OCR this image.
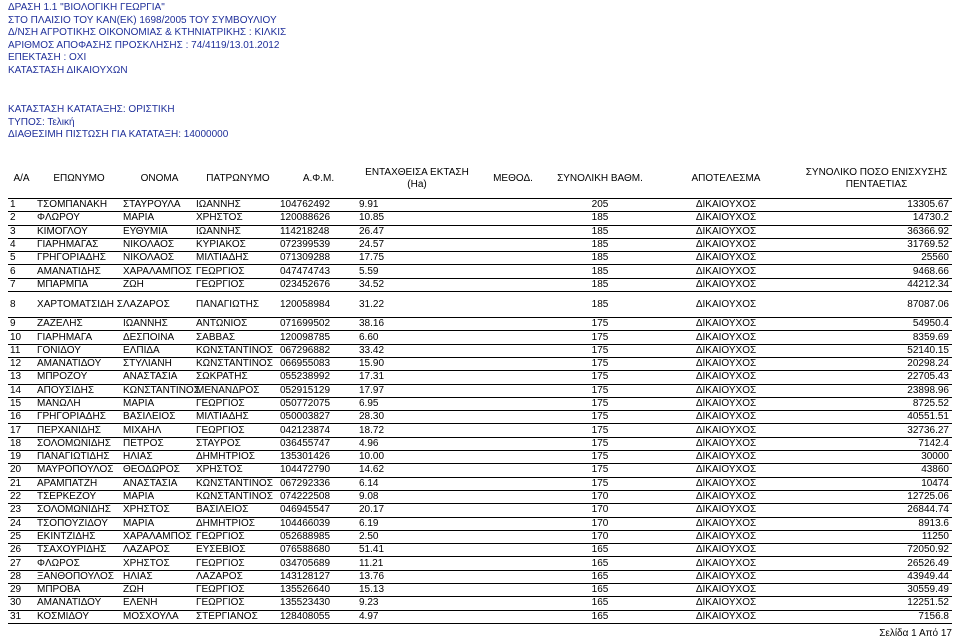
ΔΡΑΣΗ 1.1 "ΒΙΟΛΟΓΙΚΗ ΓΕΩΡΓΙΑ"
ΣΤΟ ΠΛΑΙΣΙΟ ΤΟΥ ΚΑΝ(ΕΚ) 1698/2005 ΤΟΥ ΣΥΜΒΟΥΛΙΟΥ
Δ/ΝΣΗ ΑΓΡΟΤΙΚΗΣ ΟΙΚΟΝΟΜΙΑΣ & ΚΤΗΝΙΑΤΡΙΚΗΣ : ΚΙΛΚΙΣ
ΑΡΙΘΜΟΣ ΑΠΟΦΑΣΗΣ ΠΡΟΣΚΛΗΣΗΣ : 74/4119/13.01.2012
ΕΠΕΚΤΑΣΗ : ΟΧΙ
ΚΑΤΑΣΤΑΣΗ ΔΙΚΑΙΟΥΧΩΝ
ΚΑΤΑΣΤΑΣΗ ΚΑΤΑΤΑΞΗΣ: ΟΡΙΣΤΙΚΗ
ΤΥΠΟΣ: Τελική
ΔΙΑΘΕΣΙΜΗ ΠΙΣΤΩΣΗ ΓΙΑ ΚΑΤΑΤΑΞΗ: 14000000
Α/Α	ΕΠΩΝΥΜΟ	ΟΝΟΜΑ	ΠΑΤΡΩΝΥΜΟ	Α.Φ.Μ.	ΕΝΤΑΧΘΕΙΣΑ ΕΚΤΑΣΗ (Ha)	ΜΕΘΟΔ.	ΣΥΝΟΛΙΚΗ ΒΑΘΜ.	ΑΠΟΤΕΛΕΣΜΑ	ΣΥΝΟΛΙΚΟ ΠΟΣΟ ΕΝΙΣΧΥΣΗΣ ΠΕΝΤΑΕΤΙΑΣ
1	ΤΣΟΜΠΑΝΑΚΗ	ΣΤΑΥΡΟΥΛΑ	ΙΩΑΝΝΗΣ	104762492	9.91		205	ΔΙΚΑΙΟΥΧΟΣ	13305.67
2	ΦΛΩΡΟΥ	ΜΑΡΙΑ	ΧΡΗΣΤΟΣ	120088626	10.85		185	ΔΙΚΑΙΟΥΧΟΣ	14730.2
3	ΚΙΜΟΓΛΟΥ	ΕΥΘΥΜΙΑ	ΙΩΑΝΝΗΣ	114218248	26.47		185	ΔΙΚΑΙΟΥΧΟΣ	36366.92
4	ΓΙΑΡΗΜΑΓΑΣ	ΝΙΚΟΛΑΟΣ	ΚΥΡΙΑΚΟΣ	072399539	24.57		185	ΔΙΚΑΙΟΥΧΟΣ	31769.52
5	ΓΡΗΓΟΡΙΑΔΗΣ	ΝΙΚΟΛΑΟΣ	ΜΙΛΤΙΑΔΗΣ	071309288	17.75		185	ΔΙΚΑΙΟΥΧΟΣ	25560
6	ΑΜΑΝΑΤΙΔΗΣ	ΧΑΡΑΛΑΜΠΟΣ	ΓΕΩΡΓΙΟΣ	047474743	5.59		185	ΔΙΚΑΙΟΥΧΟΣ	9468.66
7	ΜΠΑΡΜΠΑ	ΖΩΗ	ΓΕΩΡΓΙΟΣ	023452676	34.52		185	ΔΙΚΑΙΟΥΧΟΣ	44212.34
8	ΧΑΡΤΟΜΑΤΣΙΔΗ Σ	ΛΑΖΑΡΟΣ	ΠΑΝΑΓΙΩΤΗΣ	120058984	31.22		185	ΔΙΚΑΙΟΥΧΟΣ	87087.06
9	ΖΑΖΕΛΗΣ	ΙΩΑΝΝΗΣ	ΑΝΤΩΝΙΟΣ	071699502	38.16		175	ΔΙΚΑΙΟΥΧΟΣ	54950.4
10	ΓΙΑΡΗΜΑΓΑ	ΔΕΣΠΟΙΝΑ	ΣΑΒΒΑΣ	120098785	6.60		175	ΔΙΚΑΙΟΥΧΟΣ	8359.69
11	ΓΟΝΙΔΟΥ	ΕΛΠΙΔΑ	ΚΩΝΣΤΑΝΤΙΝΟΣ	067296882	33.42		175	ΔΙΚΑΙΟΥΧΟΣ	52140.15
12	ΑΜΑΝΑΤΙΔΟΥ	ΣΤΥΛΙΑΝΗ	ΚΩΝΣΤΑΝΤΙΝΟΣ	066955083	15.90		175	ΔΙΚΑΙΟΥΧΟΣ	20298.24
13	ΜΠΡΟΖΟΥ	ΑΝΑΣΤΑΣΙΑ	ΣΩΚΡΑΤΗΣ	055238992	17.31		175	ΔΙΚΑΙΟΥΧΟΣ	22705.43
14	ΑΠΟΥΣΙΔΗΣ	ΚΩΝΣΤΑΝΤΙΝΟΣ	ΜΕΝΑΝΔΡΟΣ	052915129	17.97		175	ΔΙΚΑΙΟΥΧΟΣ	23898.96
15	ΜΑΝΩΛΗ	ΜΑΡΙΑ	ΓΕΩΡΓΙΟΣ	050772075	6.95		175	ΔΙΚΑΙΟΥΧΟΣ	8725.52
16	ΓΡΗΓΟΡΙΑΔΗΣ	ΒΑΣΙΛΕΙΟΣ	ΜΙΛΤΙΑΔΗΣ	050003827	28.30		175	ΔΙΚΑΙΟΥΧΟΣ	40551.51
17	ΠΕΡΧΑΝΙΔΗΣ	ΜΙΧΑΗΛ	ΓΕΩΡΓΙΟΣ	042123874	18.72		175	ΔΙΚΑΙΟΥΧΟΣ	32736.27
18	ΣΟΛΟΜΩΝΙΔΗΣ	ΠΕΤΡΟΣ	ΣΤΑΥΡΟΣ	036455747	4.96		175	ΔΙΚΑΙΟΥΧΟΣ	7142.4
19	ΠΑΝΑΓΙΩΤΙΔΗΣ	ΗΛΙΑΣ	ΔΗΜΗΤΡΙΟΣ	135301426	10.00		175	ΔΙΚΑΙΟΥΧΟΣ	30000
20	ΜΑΥΡΟΠΟΥΛΟΣ	ΘΕΟΔΩΡΟΣ	ΧΡΗΣΤΟΣ	104472790	14.62		175	ΔΙΚΑΙΟΥΧΟΣ	43860
21	ΑΡΑΜΠΑΤΖΗ	ΑΝΑΣΤΑΣΙΑ	ΚΩΝΣΤΑΝΤΙΝΟΣ	067292336	6.14		175	ΔΙΚΑΙΟΥΧΟΣ	10474
22	ΤΣΕΡΚΕΖΟΥ	ΜΑΡΙΑ	ΚΩΝΣΤΑΝΤΙΝΟΣ	074222508	9.08		170	ΔΙΚΑΙΟΥΧΟΣ	12725.06
23	ΣΟΛΟΜΩΝΙΔΗΣ	ΧΡΗΣΤΟΣ	ΒΑΣΙΛΕΙΟΣ	046945547	20.17		170	ΔΙΚΑΙΟΥΧΟΣ	26844.74
24	ΤΣΟΠΟΥΖΙΔΟΥ	ΜΑΡΙΑ	ΔΗΜΗΤΡΙΟΣ	104466039	6.19		170	ΔΙΚΑΙΟΥΧΟΣ	8913.6
25	ΕΚΙΝΤΖΙΔΗΣ	ΧΑΡΑΛΑΜΠΟΣ	ΓΕΩΡΓΙΟΣ	052688985	2.50		170	ΔΙΚΑΙΟΥΧΟΣ	11250
26	ΤΣΑΧΟΥΡΙΔΗΣ	ΛΑΖΑΡΟΣ	ΕΥΣΕΒΙΟΣ	076588680	51.41		165	ΔΙΚΑΙΟΥΧΟΣ	72050.92
27	ΦΛΩΡΟΣ	ΧΡΗΣΤΟΣ	ΓΕΩΡΓΙΟΣ	034705689	11.21		165	ΔΙΚΑΙΟΥΧΟΣ	26526.49
28	ΞΑΝΘΟΠΟΥΛΟΣ	ΗΛΙΑΣ	ΛΑΖΑΡΟΣ	143128127	13.76		165	ΔΙΚΑΙΟΥΧΟΣ	43949.44
29	ΜΠΡΟΒΑ	ΖΩΗ	ΓΕΩΡΓΙΟΣ	135526640	15.13		165	ΔΙΚΑΙΟΥΧΟΣ	30559.49
30	ΑΜΑΝΑΤΙΔΟΥ	ΕΛΕΝΗ	ΓΕΩΡΓΙΟΣ	135523430	9.23		165	ΔΙΚΑΙΟΥΧΟΣ	12251.52
31	ΚΟΣΜΙΔΟΥ	ΜΟΣΧΟΥΛΑ	ΣΤΕΡΓΙΑΝΟΣ	128408055	4.97		165	ΔΙΚΑΙΟΥΧΟΣ	7156.8
Σελίδα 1 Από 17
